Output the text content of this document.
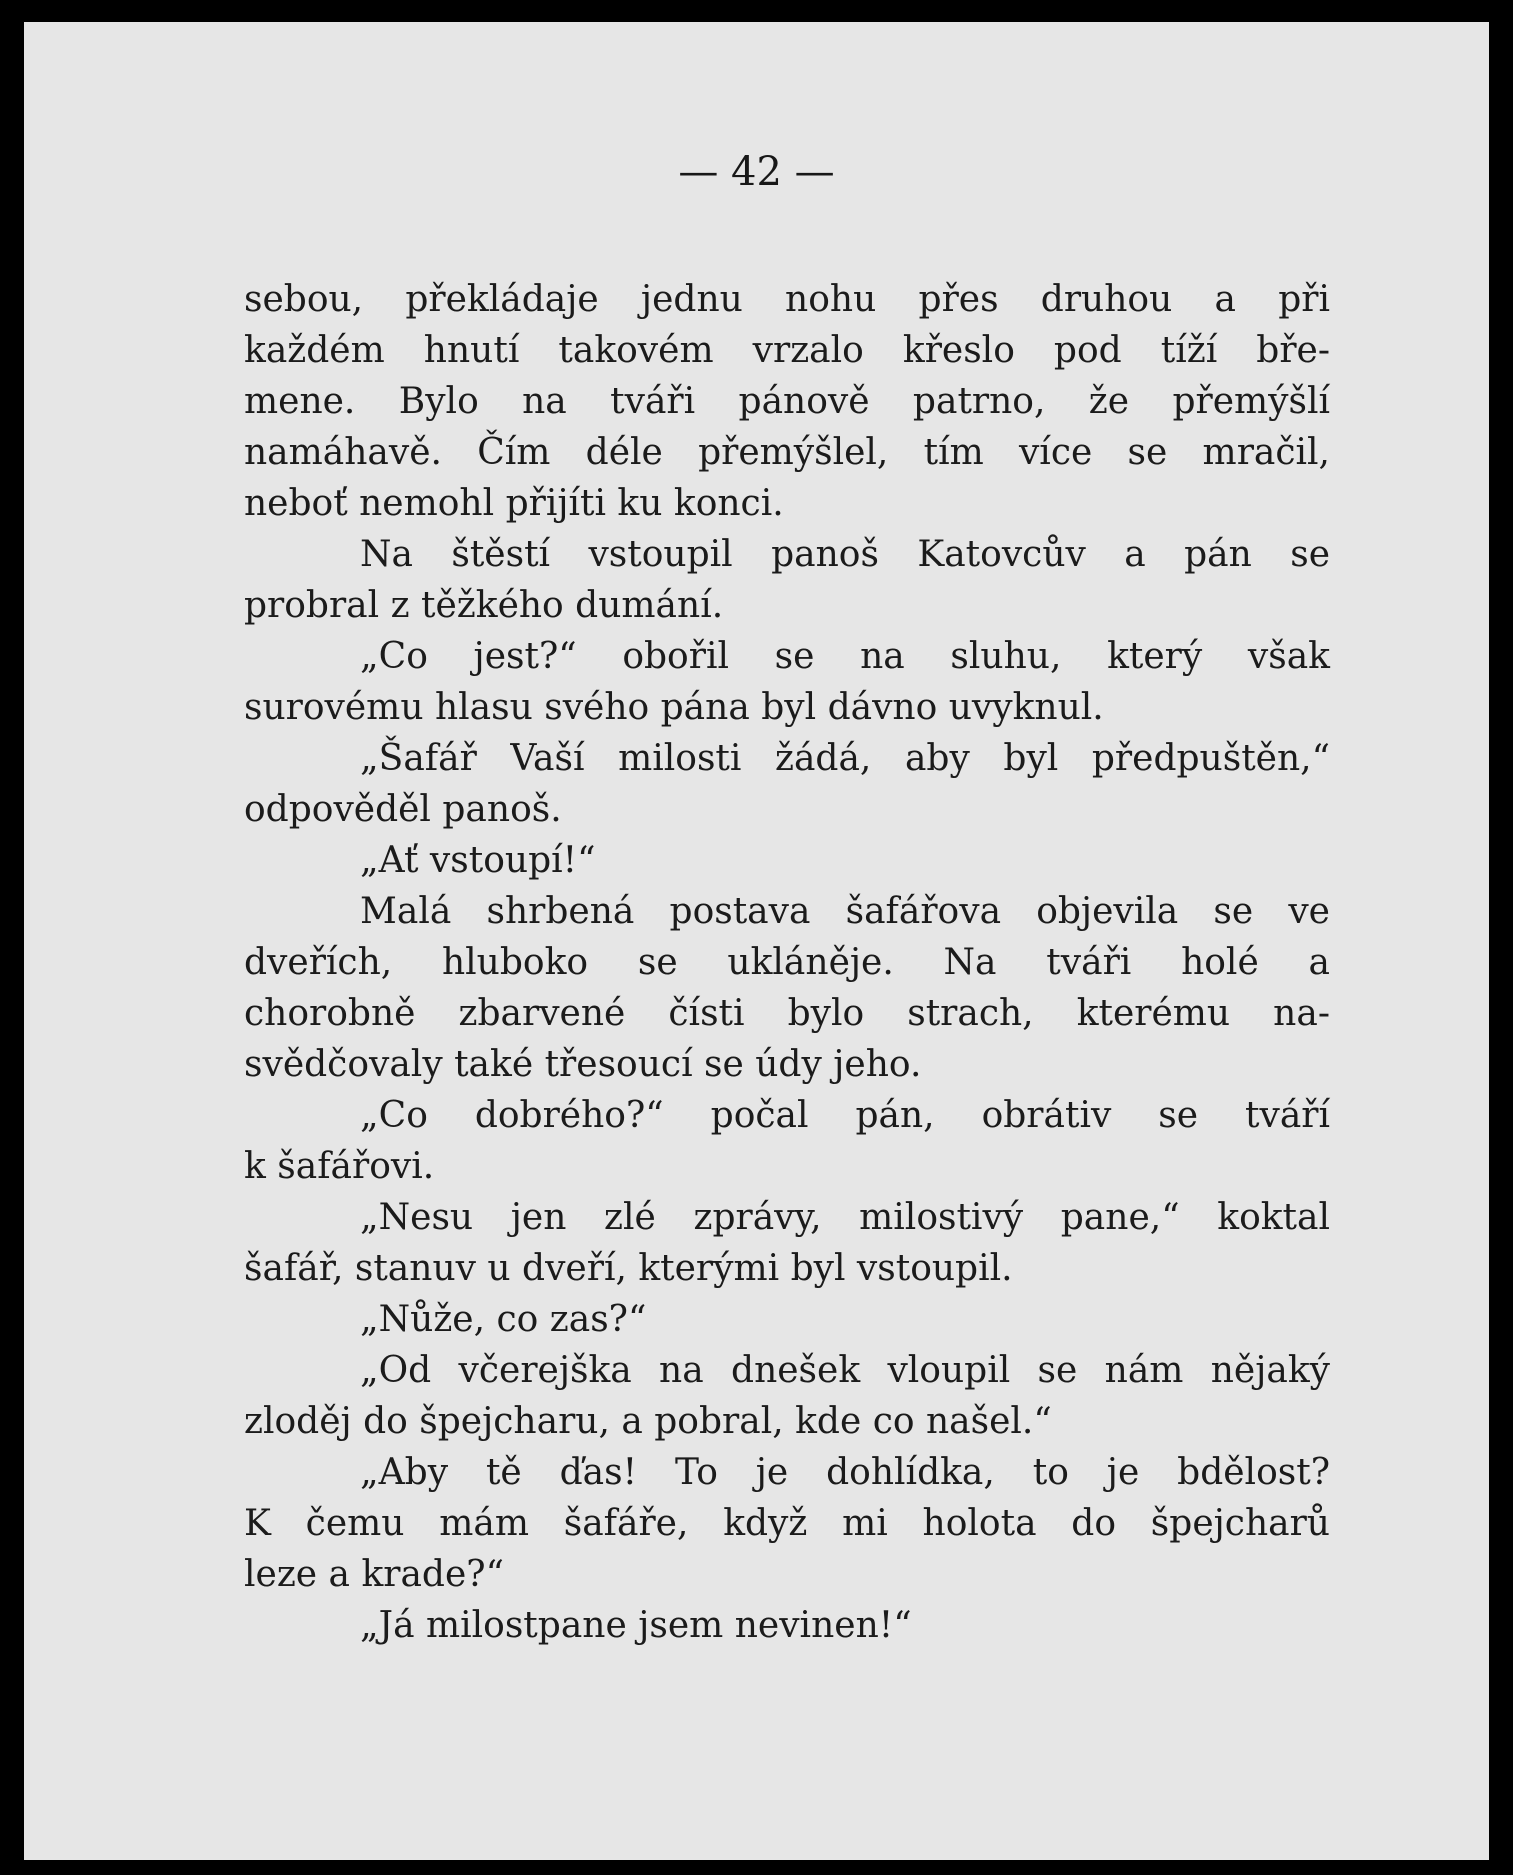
— 42 —
sebou, překládaje jednu nohu přes druhou a při
každém hnutí takovém vrzalo křeslo pod tíží bře-
mene. Bylo na tváři pánově patrno, že přemýšlí
namáhavě. Čím déle přemýšlel, tím více se mračil,
neboť nemohl přijíti ku konci.
Na štěstí vstoupil panoš Katovcův a pán se
probral z těžkého dumání.
„Co jest?“ obořil se na sluhu, který však
surovému hlasu svého pána byl dávno uvyknul.
„Šafář Vaší milosti žádá, aby byl předpuštěn,“
odpověděl panoš.
„Ať vstoupí!“
Malá shrbená postava šafářova objevila se ve
dveřích, hluboko se ukláněje. Na tváři holé a
chorobně zbarvené čísti bylo strach, kterému na-
svědčovaly také třesoucí se údy jeho.
„Co dobrého?“ počal pán, obrátiv se tváří
k šafářovi.
„Nesu jen zlé zprávy, milostivý pane,“ koktal
šafář, stanuv u dveří, kterými byl vstoupil.
„Nůže, co zas?“
„Od včerejška na dnešek vloupil se nám nějaký
zloděj do špejcharu, a pobral, kde co našel.“
„Aby tě ďas! To je dohlídka, to je bdělost?
K čemu mám šafáře, když mi holota do špejcharů
leze a krade?“
„Já milostpane jsem nevinen!“
